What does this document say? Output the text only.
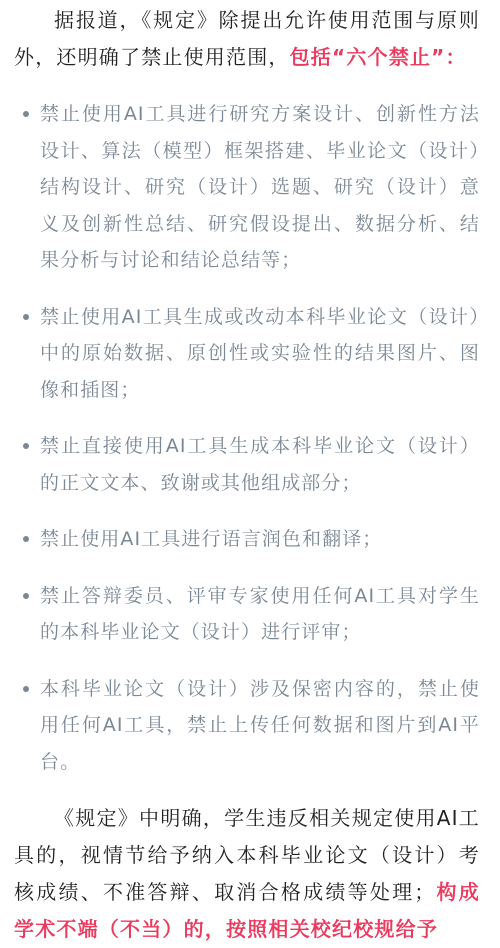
据报道，《规定》除提出允许使用范围与原则外，还明确了禁止使用范围，包括“六个禁止”：

禁止使用AI工具进行研究方案设计、创新性方法设计、算法（模型）框架搭建、毕业论文（设计）结构设计、研究（设计）选题、研究（设计）意义及创新性总结、研究假设提出、数据分析、结果分析与讨论和结论总结等；
禁止使用AI工具生成或改动本科毕业论文（设计）中的原始数据、原创性或实验性的结果图片、图像和插图；
禁止直接使用AI工具生成本科毕业论文（设计）的正文文本、致谢或其他组成部分；
禁止使用AI工具进行语言润色和翻译；
禁止答辩委员、评审专家使用任何AI工具对学生的本科毕业论文（设计）进行评审；
本科毕业论文（设计）涉及保密内容的，禁止使用任何AI工具，禁止上传任何数据和图片到AI平台。

《规定》中明确，学生违反相关规定使用AI工具的，视情节给予纳入本科毕业论文（设计）考核成绩、不准答辩、取消合格成绩等处理；构成学术不端（不当）的，按照相关校纪校规给予
